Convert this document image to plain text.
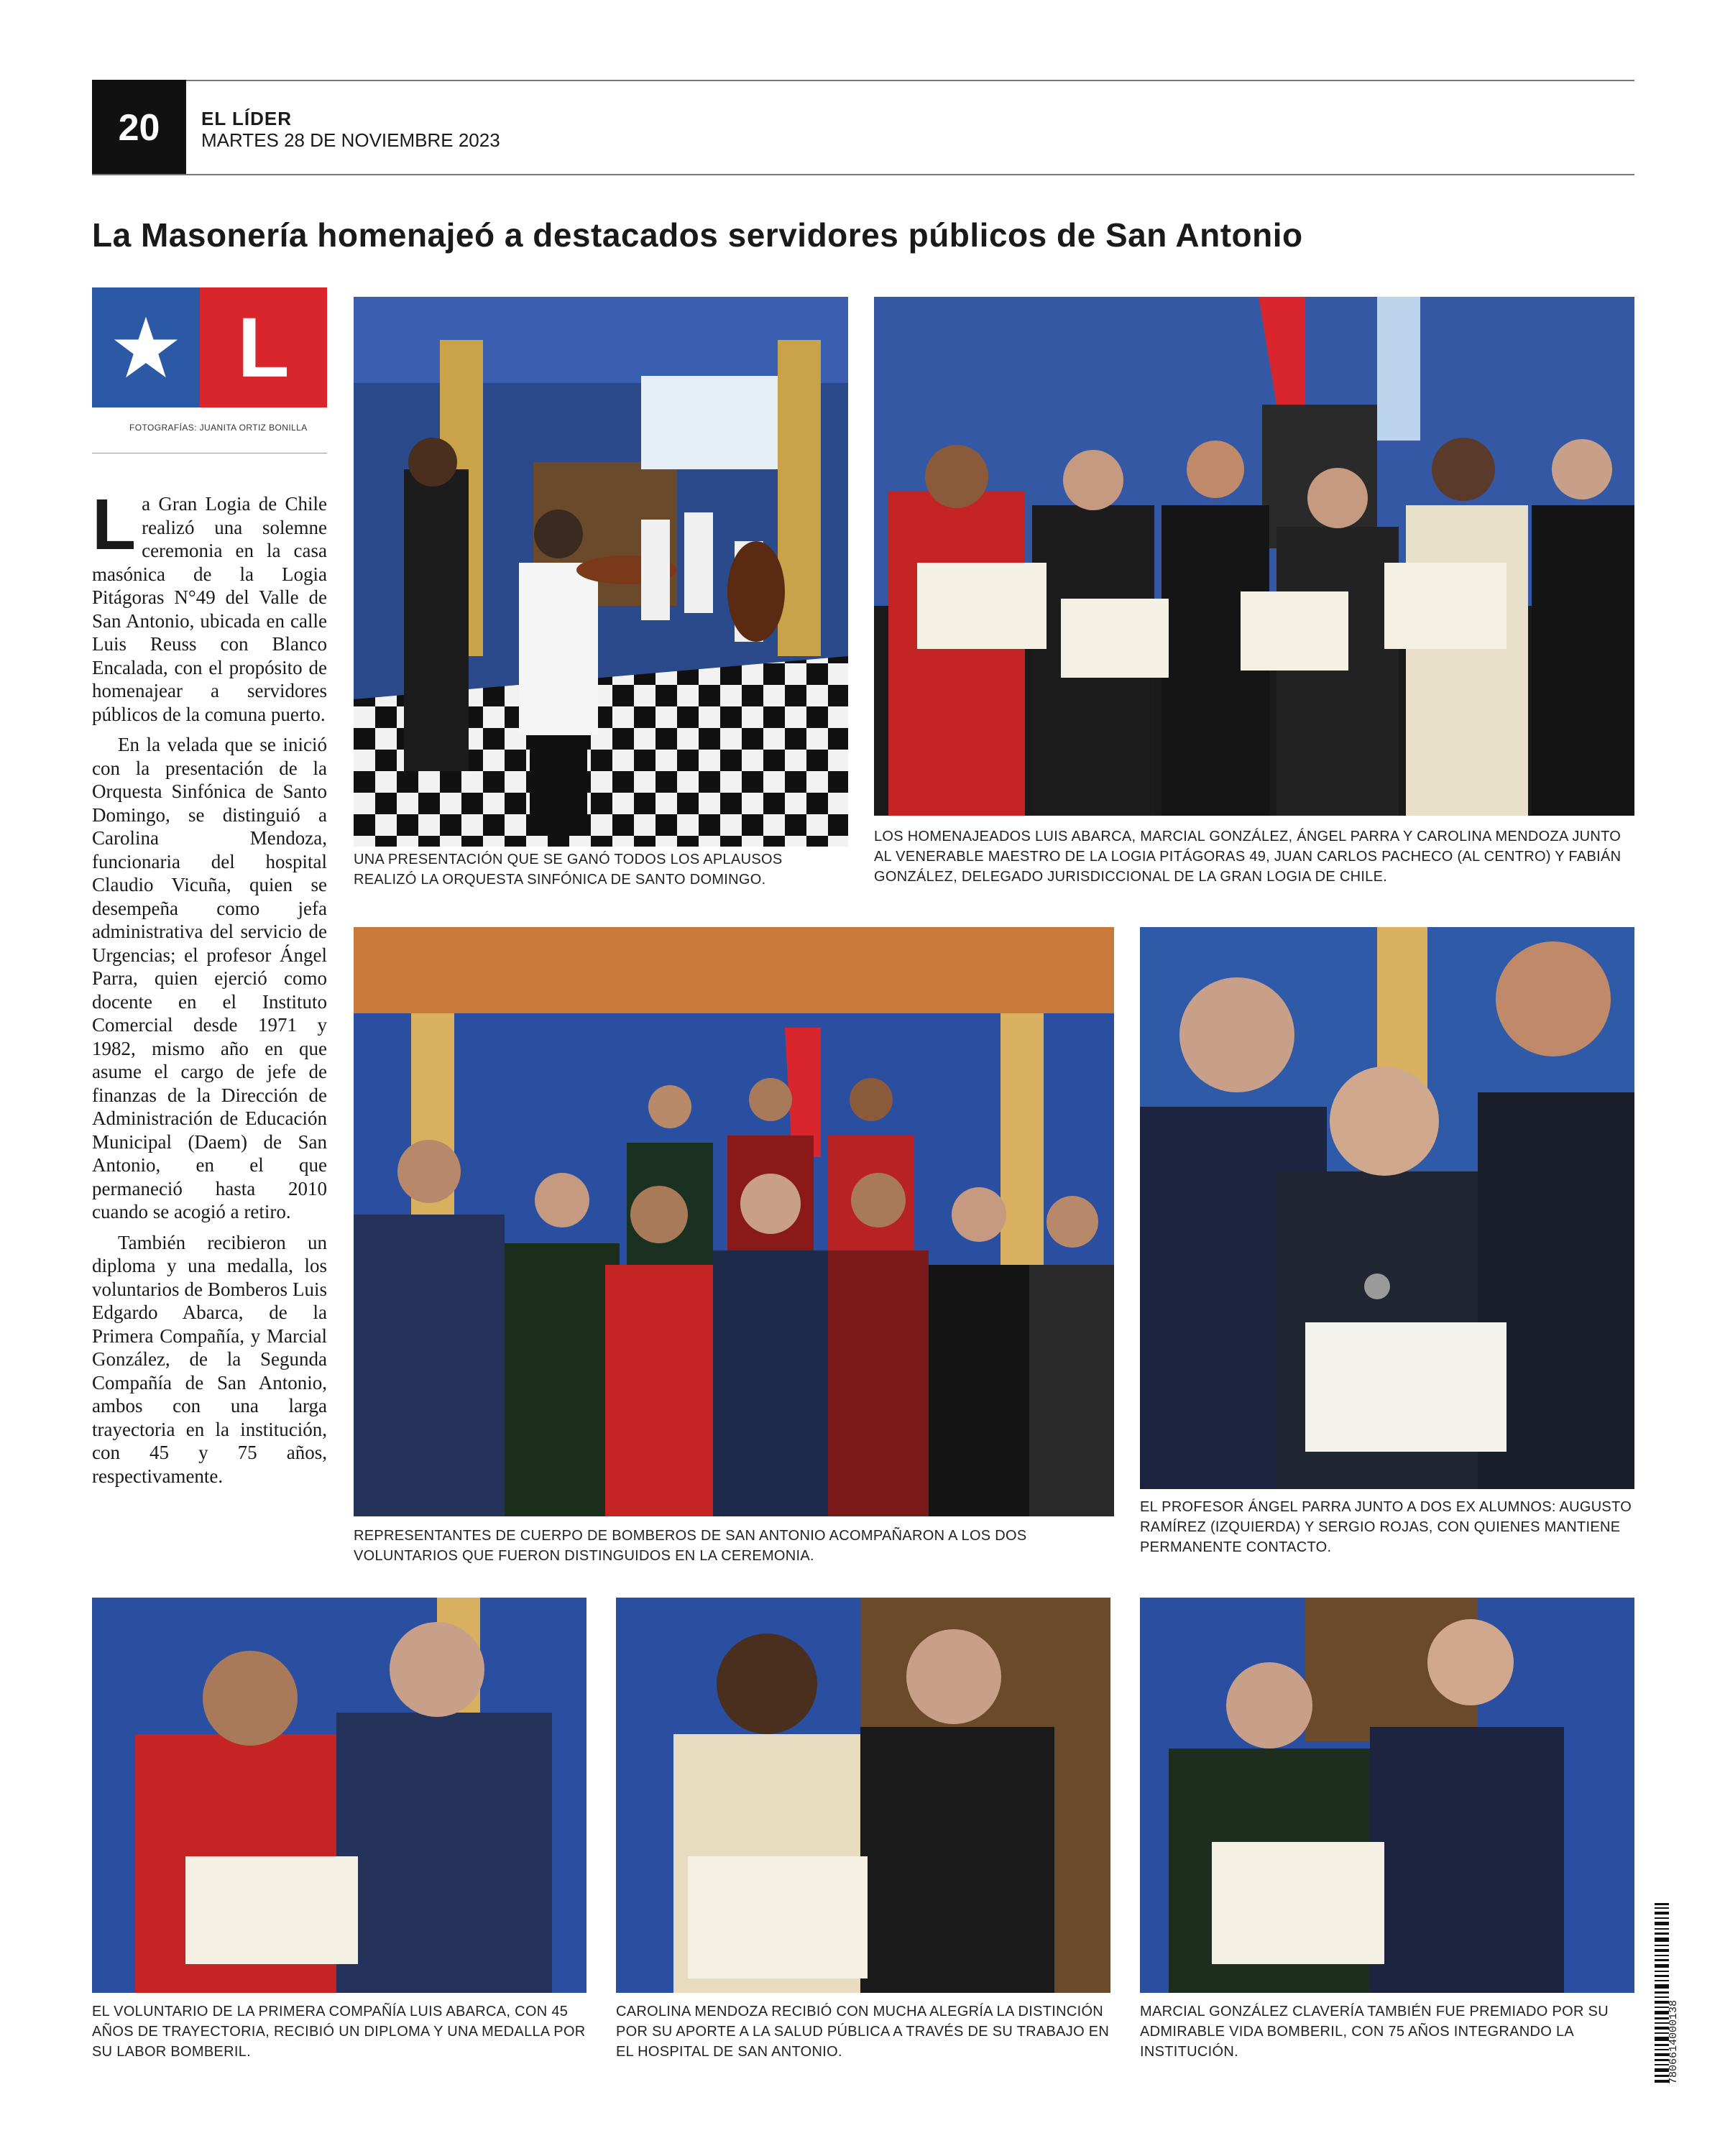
20	EL LÍDER
MARTES 28 DE NOVIEMBRE 2023
La Masonería homenajeó a destacados servidores públicos de San Antonio
L
FOTOGRAFÍAS: JUANITA ORTIZ BONILLA

La Gran Logia de Chile realizó una solemne ceremonia en la casa masónica de la Logia Pitágoras N°49 del Valle de San Antonio, ubicada en calle Luis Reuss con Blanco Encalada, con el propósito de homenajear a servidores públicos de la comuna puerto.

En la velada que se inició con la presentación de la Orquesta Sinfónica de Santo Domingo, se distinguió a Carolina Mendoza, funcionaria del hospital Claudio Vicuña, quien se desempeña como jefa administrativa del servicio de Urgencias; el profesor Ángel Parra, quien ejerció como docente en el Instituto Comercial desde 1971 y 1982, mismo año en que asume el cargo de jefe de finanzas de la Dirección de Administración de Educación Municipal (Daem) de San Antonio, en el que permaneció hasta 2010 cuando se acogió a retiro.

También recibieron un diploma y una medalla, los voluntarios de Bomberos Luis Edgardo Abarca, de la Primera Compañía, y Marcial González, de la Segunda Compañía de San Antonio, ambos con una larga trayectoria en la institución, con 45 y 75 años, respectivamente.

UNA PRESENTACIÓN QUE SE GANÓ TODOS LOS APLAUSOS REALIZÓ LA ORQUESTA SINFÓNICA DE SANTO DOMINGO.
LOS HOMENAJEADOS LUIS ABARCA, MARCIAL GONZÁLEZ, ÁNGEL PARRA Y CAROLINA MENDOZA JUNTO AL VENERABLE MAESTRO DE LA LOGIA PITÁGORAS 49, JUAN CARLOS PACHECO (AL CENTRO) Y FABIÁN GONZÁLEZ, DELEGADO JURISDICCIONAL DE LA GRAN LOGIA DE CHILE.
REPRESENTANTES DE CUERPO DE BOMBEROS DE SAN ANTONIO ACOMPAÑARON A LOS DOS VOLUNTARIOS QUE FUERON DISTINGUIDOS EN LA CEREMONIA.
EL PROFESOR ÁNGEL PARRA JUNTO A DOS EX ALUMNOS: AUGUSTO RAMÍREZ (IZQUIERDA) Y SERGIO ROJAS, CON QUIENES MANTIENE PERMANENTE CONTACTO.
EL VOLUNTARIO DE LA PRIMERA COMPAÑÍA LUIS ABARCA, CON 45 AÑOS DE TRAYECTORIA, RECIBIÓ UN DIPLOMA Y UNA MEDALLA POR SU LABOR BOMBERIL.
CAROLINA MENDOZA RECIBIÓ CON MUCHA ALEGRÍA LA DISTINCIÓN POR SU APORTE A LA SALUD PÚBLICA A TRAVÉS DE SU TRABAJO EN EL HOSPITAL DE SAN ANTONIO.
MARCIAL GONZÁLEZ CLAVERÍA TAMBIÉN FUE PREMIADO POR SU ADMIRABLE VIDA BOMBERIL, CON 75 AÑOS INTEGRANDO LA INSTITUCIÓN.	7806614000138
